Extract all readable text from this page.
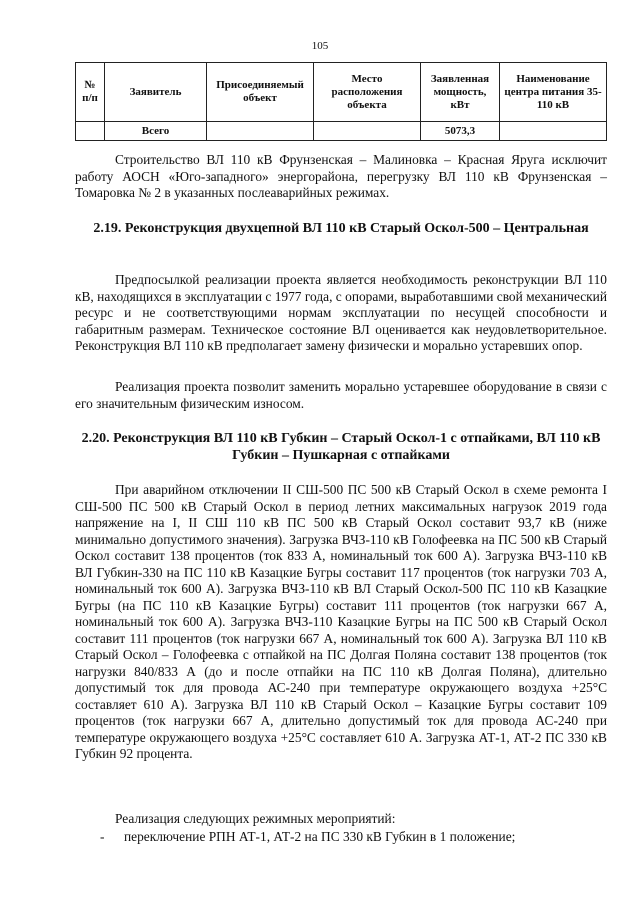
105
№ п/п	Заявитель	Присоединяемый объект	Место расположения объекта	Заявленная мощность, кВт	Наименование центра питания 35-110 кВ
	Всего			5073,3	
Строительство ВЛ 110 кВ Фрунзенская – Малиновка – Красная Яруга исключит работу АОСН «Юго-западного» энергорайона, перегрузку ВЛ 110 кВ Фрунзенская – Томаровка № 2 в указанных послеаварийных режимах.
2.19. Реконструкция двухцепной ВЛ 110 кВ Старый Оскол-500 – Центральная
Предпосылкой реализации проекта является необходимость реконструкции ВЛ 110 кВ, находящихся в эксплуатации с 1977 года, с опорами, выработавшими свой механический ресурс и не соответствующими нормам эксплуатации по несущей способности и габаритным размерам. Техническое состояние ВЛ оценивается как неудовлетворительное. Реконструкция ВЛ 110 кВ предполагает замену физически и морально устаревших опор.
Реализация проекта позволит заменить морально устаревшее оборудование в связи с его значительным физическим износом.
2.20. Реконструкция ВЛ 110 кВ Губкин – Старый Оскол-1 с отпайками, ВЛ 110 кВ Губкин – Пушкарная с отпайками
При аварийном отключении II СШ-500 ПС 500 кВ Старый Оскол в схеме ремонта I СШ-500 ПС 500 кВ Старый Оскол в период летних максимальных нагрузок 2019 года напряжение на I, II СШ 110 кВ ПС 500 кВ Старый Оскол составит 93,7 кВ (ниже минимально допустимого значения). Загрузка ВЧЗ-110 кВ Голофеевка на ПС 500 кВ Старый Оскол составит 138 процентов (ток 833 А, номинальный ток 600 А). Загрузка ВЧЗ-110 кВ ВЛ Губкин-330 на ПС 110 кВ Казацкие Бугры составит 117 процентов (ток нагрузки 703 А, номинальный ток 600 А). Загрузка ВЧЗ-110 кВ ВЛ Старый Оскол-500 ПС 110 кВ Казацкие Бугры (на ПС 110 кВ Казацкие Бугры) составит 111 процентов (ток нагрузки 667 А, номинальный ток 600 А). Загрузка ВЧЗ-110 Казацкие Бугры на ПС 500 кВ Старый Оскол составит 111 процентов (ток нагрузки 667 А, номинальный ток 600 А). Загрузка ВЛ 110 кВ Старый Оскол – Голофеевка с отпайкой на ПС Долгая Поляна составит 138 процентов (ток нагрузки 840/833 А (до и после отпайки на ПС 110 кВ Долгая Поляна), длительно допустимый ток для провода АС-240 при температуре окружающего воздуха +25°С составляет 610 А). Загрузка ВЛ 110 кВ Старый Оскол – Казацкие Бугры составит 109 процентов (ток нагрузки 667 А, длительно допустимый ток для провода АС-240 при температуре окружающего воздуха +25°С составляет 610 А. Загрузка АТ-1, АТ-2 ПС 330 кВ Губкин 92 процента.
Реализация следующих режимных мероприятий:
- переключение РПН АТ-1, АТ-2 на ПС 330 кВ Губкин в 1 положение;
